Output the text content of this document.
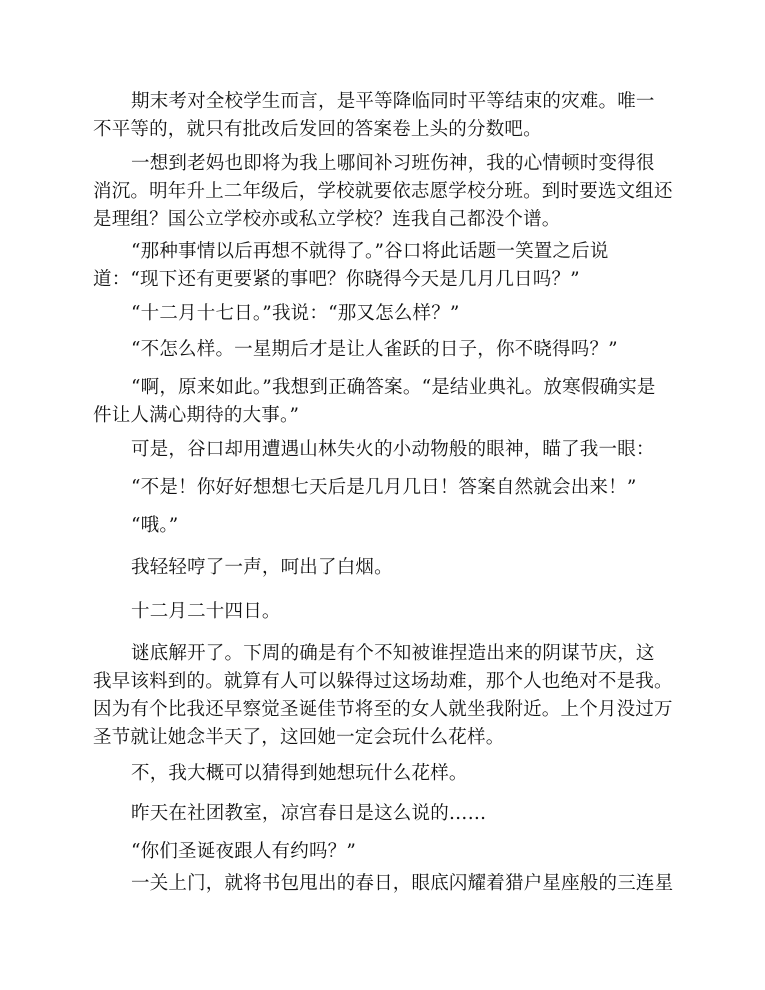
期末考对全校学生而言，是平等降临同时平等结束的灾难。唯一不平等的，就只有批改后发回的答案卷上头的分数吧。

一想到老妈也即将为我上哪间补习班伤神，我的心情顿时变得很消沉。明年升上二年级后，学校就要依志愿学校分班。到时要选文组还是理组？国公立学校亦或私立学校？连我自己都没个谱。

“那种事情以后再想不就得了。”谷口将此话题一笑置之后说道：“现下还有更要紧的事吧？你晓得今天是几月几日吗？”

“十二月十七日。”我说：“那又怎么样？”

“不怎么样。一星期后才是让人雀跃的日子，你不晓得吗？”

“啊，原来如此。”我想到正确答案。“是结业典礼。放寒假确实是件让人满心期待的大事。”

可是，谷口却用遭遇山林失火的小动物般的眼神，瞄了我一眼：

“不是！你好好想想七天后是几月几日！答案自然就会出来！”

“哦。”

我轻轻哼了一声，呵出了白烟。

十二月二十四日。

谜底解开了。下周的确是有个不知被谁捏造出来的阴谋节庆，这我早该料到的。就算有人可以躲得过这场劫难，那个人也绝对不是我。因为有个比我还早察觉圣诞佳节将至的女人就坐我附近。上个月没过万圣节就让她念半天了，这回她一定会玩什么花样。

不，我大概可以猜得到她想玩什么花样。

昨天在社团教室，凉宫春日是这么说的……

“你们圣诞夜跟人有约吗？”

一关上门，就将书包甩出的春日，眼底闪耀着猎户星座般的三连星
